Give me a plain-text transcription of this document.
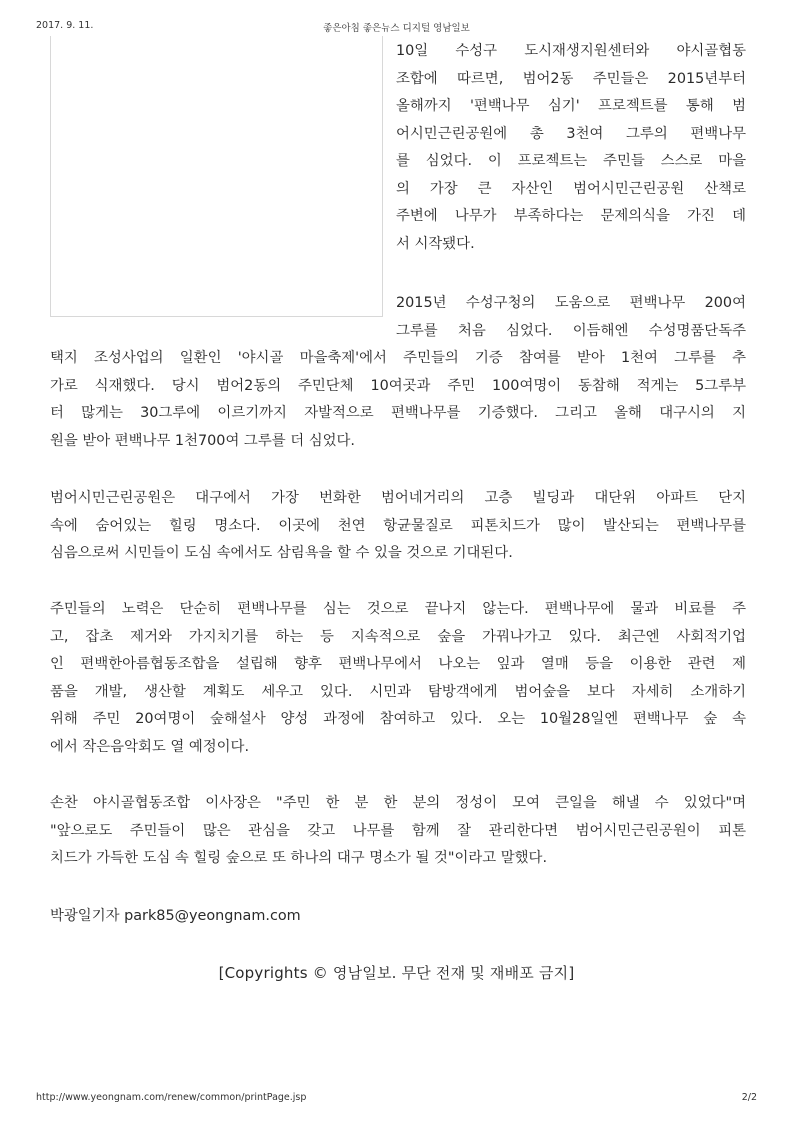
2017. 9. 11.	좋은아침 좋은뉴스 디지털 영남일보
10일 수성구 도시재생지원센터와 야시골협동
조합에 따르면, 범어2동 주민들은 2015년부터
올해까지 '편백나무 심기' 프로젝트를 통해 범
어시민근린공원에 총 3천여 그루의 편백나무
를 심었다. 이 프로젝트는 주민들 스스로 마을
의 가장 큰 자산인 범어시민근린공원 산책로
주변에 나무가 부족하다는 문제의식을 가진 데
서 시작됐다.
2015년 수성구청의 도움으로 편백나무 200여
그루를 처음 심었다. 이듬해엔 수성명품단독주
택지 조성사업의 일환인 '야시골 마을축제'에서 주민들의 기증 참여를 받아 1천여 그루를 추
가로 식재했다. 당시 범어2동의 주민단체 10여곳과 주민 100여명이 동참해 적게는 5그루부
터 많게는 30그루에 이르기까지 자발적으로 편백나무를 기증했다. 그리고 올해 대구시의 지
원을 받아 편백나무 1천700여 그루를 더 심었다.
범어시민근린공원은 대구에서 가장 번화한 범어네거리의 고층 빌딩과 대단위 아파트 단지
속에 숨어있는 힐링 명소다. 이곳에 천연 항균물질로 피톤치드가 많이 발산되는 편백나무를
심음으로써 시민들이 도심 속에서도 삼림욕을 할 수 있을 것으로 기대된다.
주민들의 노력은 단순히 편백나무를 심는 것으로 끝나지 않는다. 편백나무에 물과 비료를 주
고, 잡초 제거와 가지치기를 하는 등 지속적으로 숲을 가꿔나가고 있다. 최근엔 사회적기업
인 편백한아름협동조합을 설립해 향후 편백나무에서 나오는 잎과 열매 등을 이용한 관련 제
품을 개발, 생산할 계획도 세우고 있다. 시민과 탐방객에게 범어숲을 보다 자세히 소개하기
위해 주민 20여명이 숲해설사 양성 과정에 참여하고 있다. 오는 10월28일엔 편백나무 숲 속
에서 작은음악회도 열 예정이다.
손찬 야시골협동조합 이사장은 "주민 한 분 한 분의 정성이 모여 큰일을 해낼 수 있었다"며
"앞으로도 주민들이 많은 관심을 갖고 나무를 함께 잘 관리한다면 범어시민근린공원이 피톤
치드가 가득한 도심 속 힐링 숲으로 또 하나의 대구 명소가 될 것"이라고 말했다.
박광일기자 park85@yeongnam.com
[Copyrights © 영남일보. 무단 전재 및 재배포 금지]
http://www.yeongnam.com/renew/common/printPage.jsp	2/2
